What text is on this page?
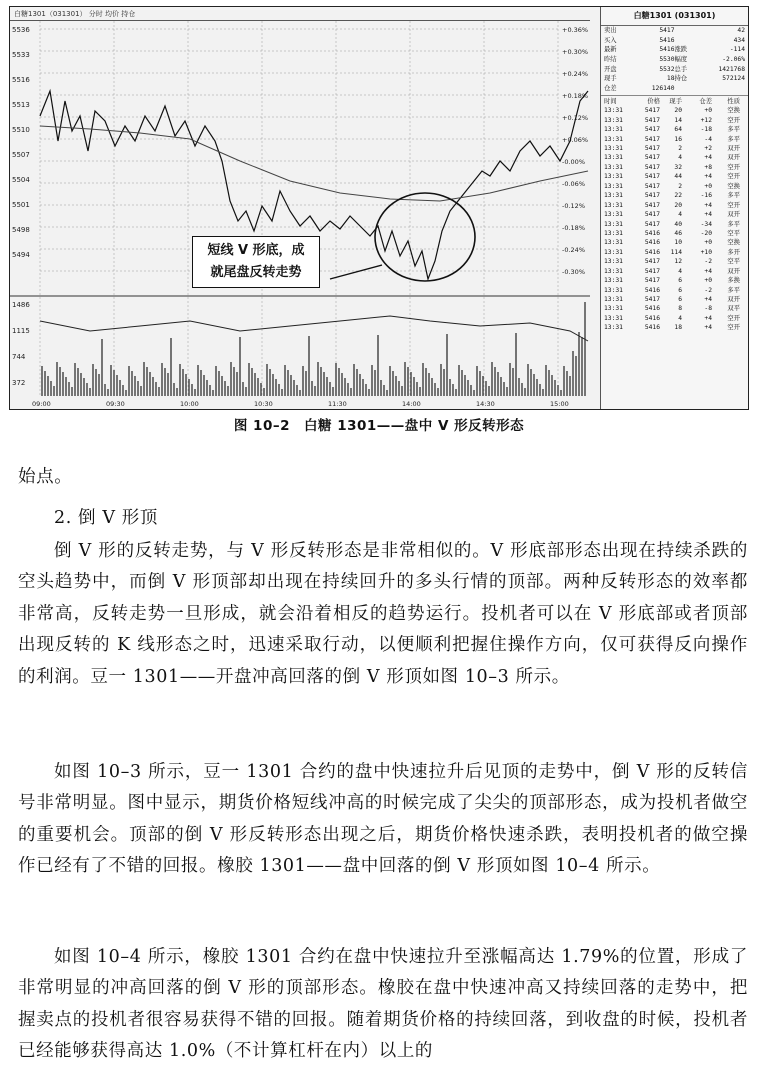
白糖1301（031301） 分时 均价 持仓
5536
5533
5516
5513
5510
5507
5504
5501
5498
5494
+0.36%
+0.30%
+0.24%
+0.18%
+0.12%
+0.06%
-0.00%
-0.06%
-0.12%
-0.18%
-0.24%
-0.30%
1486
1115
744
372
09:00	09:30	10:00	10:30	11:30	14:00	14:30	15:00
白糖1301 (031301)
卖出	5417	42
买入	5416	434
最新	5416 涨跌	-114
昨结	5530 幅度	-2.06%
开盘	5532 总手	1421768
现手	18 持仓	572124
仓差	126140
时间	价格	现手	仓差	性质
13:31	5417	20	+0	空换
13:31	5417	14	+12	空开
13:31	5417	64	-18	多平
13:31	5417	16	-4	多平
13:31	5417	2	+2	双开
13:31	5417	4	+4	双开
13:31	5417	32	+8	空开
13:31	5417	44	+4	空开
13:31	5417	2	+0	空换
13:31	5417	22	-16	多平
13:31	5417	20	+4	空开
13:31	5417	4	+4	双开
13:31	5417	40	-34	多平
13:31	5416	46	-20	空平
13:31	5416	10	+0	空换
13:31	5416	114	+10	多开
13:31	5417	12	-2	空平
13:31	5417	4	+4	双开
13:31	5417	6	+0	多换
13:31	5416	6	-2	多平
13:31	5417	6	+4	双开
13:31	5416	8	-8	双平
13:31	5416	4	+4	空开
13:31	5416	18	+4	空开
短线 V 形底，成
就尾盘反转走势
图 10–2　白糖 1301——盘中 V 形反转形态

始点。

2. 倒 V 形顶

倒 V 形的反转走势，与 V 形反转形态是非常相似的。V 形底部形态出现在持续杀跌的空头趋势中，而倒 V 形顶部却出现在持续回升的多头行情的顶部。两种反转形态的效率都非常高，反转走势一旦形成，就会沿着相反的趋势运行。投机者可以在 V 形底部或者顶部出现反转的 K 线形态之时，迅速采取行动，以便顺利把握住操作方向，仅可获得反向操作的利润。豆一 1301——开盘冲高回落的倒 V 形顶如图 10–3 所示。

如图 10–3 所示，豆一 1301 合约的盘中快速拉升后见顶的走势中，倒 V 形的反转信号非常明显。图中显示，期货价格短线冲高的时候完成了尖尖的顶部形态，成为投机者做空的重要机会。顶部的倒 V 形反转形态出现之后，期货价格快速杀跌，表明投机者的做空操作已经有了不错的回报。橡胶 1301——盘中回落的倒 V 形顶如图 10–4 所示。

如图 10–4 所示，橡胶 1301 合约在盘中快速拉升至涨幅高达 1.79%的位置，形成了非常明显的冲高回落的倒 V 形的顶部形态。橡胶在盘中快速冲高又持续回落的走势中，把握卖点的投机者很容易获得不错的回报。随着期货价格的持续回落，到收盘的时候，投机者已经能够获得高达 1.0%（不计算杠杆在内）以上的
